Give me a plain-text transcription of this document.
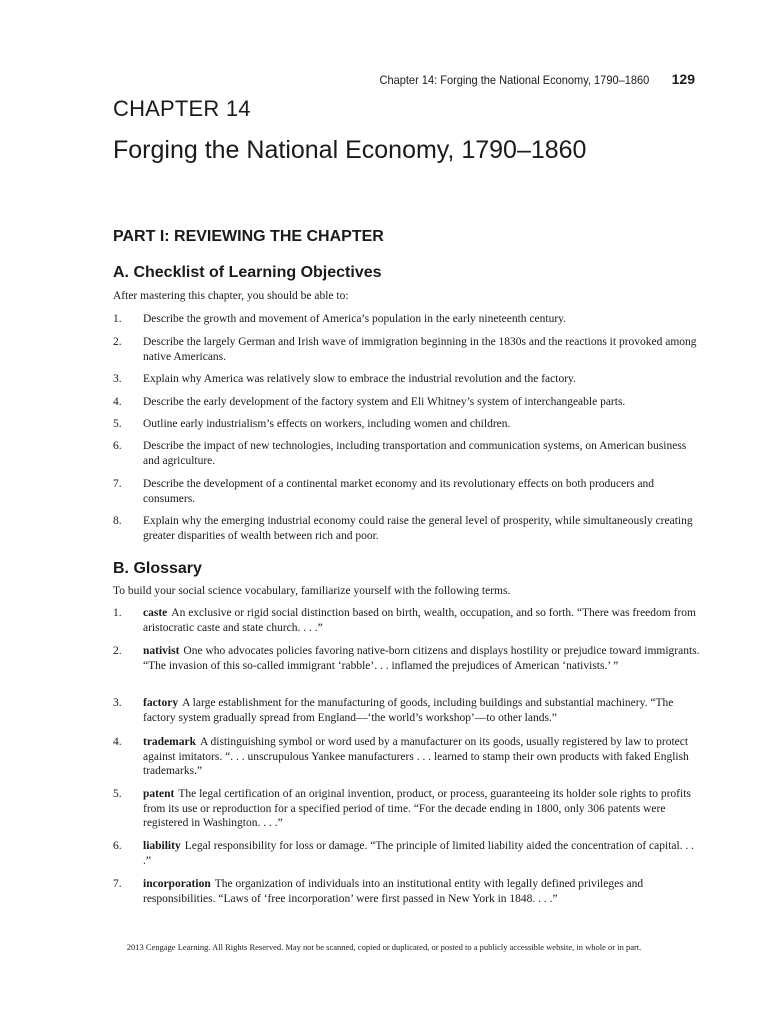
Chapter 14: Forging the National Economy, 1790–1860 129
CHAPTER 14
Forging the National Economy, 1790–1860
PART I: REVIEWING THE CHAPTER
A. Checklist of Learning Objectives
After mastering this chapter, you should be able to:
1.	Describe the growth and movement of America’s population in the early nineteenth century.
2.	Describe the largely German and Irish wave of immigration beginning in the 1830s and the reactions it provoked among native Americans.
3.	Explain why America was relatively slow to embrace the industrial revolution and the factory.
4.	Describe the early development of the factory system and Eli Whitney’s system of interchangeable parts.
5.	Outline early industrialism’s effects on workers, including women and children.
6.	Describe the impact of new technologies, including transportation and communication systems, on American business and agriculture.
7.	Describe the development of a continental market economy and its revolutionary effects on both producers and consumers.
8.	Explain why the emerging industrial economy could raise the general level of prosperity, while simultaneously creating greater disparities of wealth between rich and poor.
B. Glossary
To build your social science vocabulary, familiarize yourself with the following terms.
1.	caste An exclusive or rigid social distinction based on birth, wealth, occupation, and so forth. “There was freedom from aristocratic caste and state church. . . .”
2.	nativist One who advocates policies favoring native-born citizens and displays hostility or prejudice toward immigrants. “The invasion of this so-called immigrant ‘rabble’. . . inflamed the prejudices of American ‘nativists.’ ”
3.	factory A large establishment for the manufacturing of goods, including buildings and substantial machinery. “The factory system gradually spread from England—‘the world’s workshop’—to other lands.”
4.	trademark A distinguishing symbol or word used by a manufacturer on its goods, usually registered by law to protect against imitators. “. . . unscrupulous Yankee manufacturers . . . learned to stamp their own products with faked English trademarks.”
5.	patent The legal certification of an original invention, product, or process, guaranteeing its holder sole rights to profits from its use or reproduction for a specified period of time. “For the decade ending in 1800, only 306 patents were registered in Washington. . . .”
6.	liability Legal responsibility for loss or damage. “The principle of limited liability aided the concentration of capital. . . .”
7.	incorporation The organization of individuals into an institutional entity with legally defined privileges and responsibilities. “Laws of ‘free incorporation’ were first passed in New York in 1848. . . .”
2013 Cengage Learning. All Rights Reserved. May not be scanned, copied or duplicated, or posted to a publicly accessible website, in whole or in part.
